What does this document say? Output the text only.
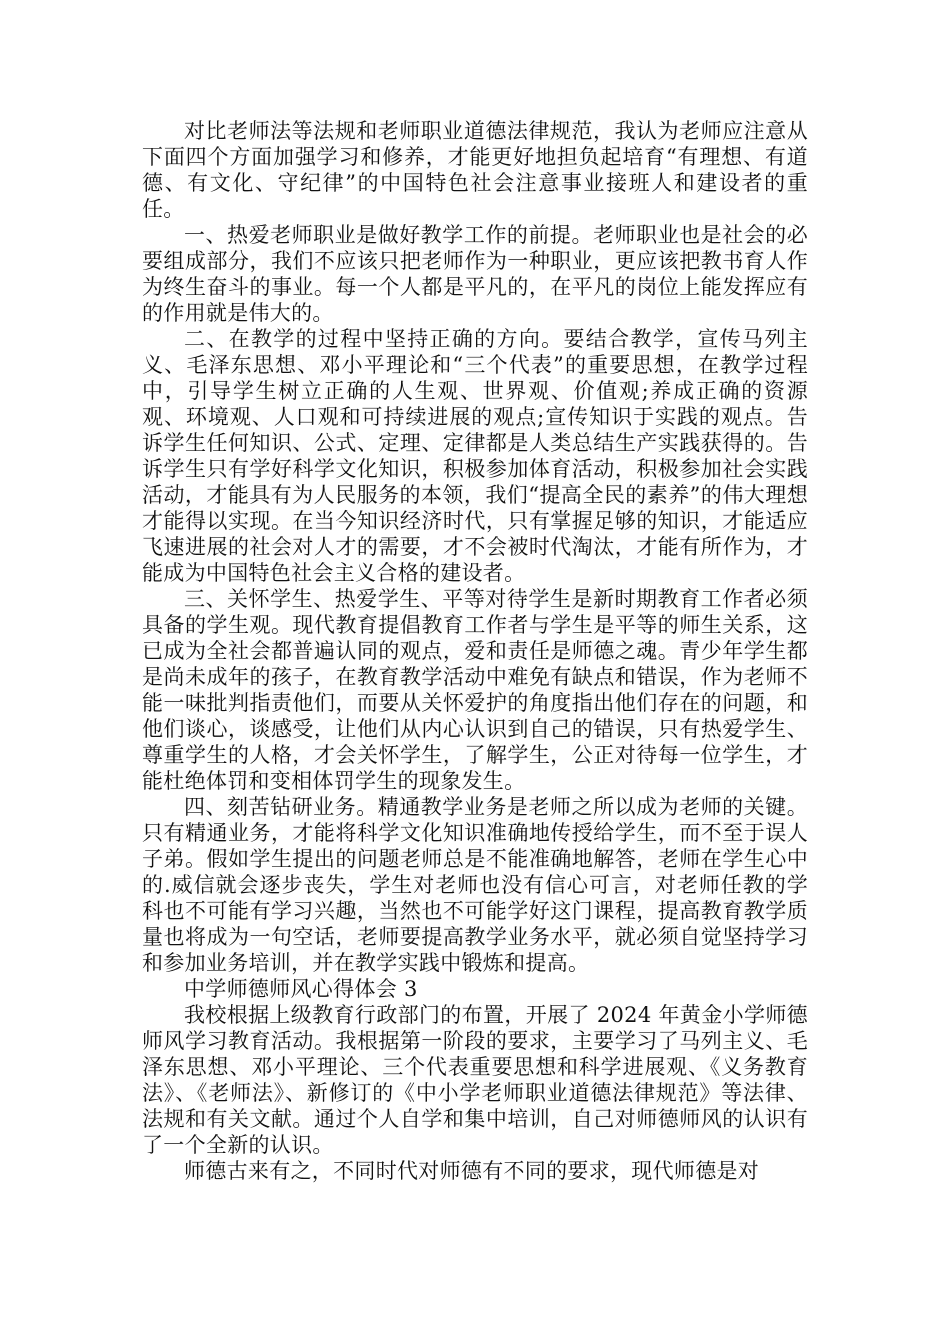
对比老师法等法规和老师职业道德法律规范，我认为老师应注意从下面四个方面加强学习和修养，才能更好地担负起培育“有理想、有道德、有文化、守纪律”的中国特色社会注意事业接班人和建设者的重任。

一、热爱老师职业是做好教学工作的前提。老师职业也是社会的必要组成部分，我们不应该只把老师作为一种职业，更应该把教书育人作为终生奋斗的事业。每一个人都是平凡的，在平凡的岗位上能发挥应有的作用就是伟大的。

二、在教学的过程中坚持正确的方向。要结合教学，宣传马列主义、毛泽东思想、邓小平理论和“三个代表”的重要思想，在教学过程中，引导学生树立正确的人生观、世界观、价值观;养成正确的资源观、环境观、人口观和可持续进展的观点;宣传知识于实践的观点。告诉学生任何知识、公式、定理、定律都是人类总结生产实践获得的。告诉学生只有学好科学文化知识，积极参加体育活动，积极参加社会实践活动，才能具有为人民服务的本领，我们“提高全民的素养”的伟大理想才能得以实现。在当今知识经济时代，只有掌握足够的知识，才能适应飞速进展的社会对人才的需要，才不会被时代淘汰，才能有所作为，才能成为中国特色社会主义合格的建设者。

三、关怀学生、热爱学生、平等对待学生是新时期教育工作者必须具备的学生观。现代教育提倡教育工作者与学生是平等的师生关系，这已成为全社会都普遍认同的观点，爱和责任是师德之魂。青少年学生都是尚未成年的孩子，在教育教学活动中难免有缺点和错误，作为老师不能一味批判指责他们，而要从关怀爱护的角度指出他们存在的问题，和他们谈心，谈感受，让他们从内心认识到自己的错误，只有热爱学生、尊重学生的人格，才会关怀学生，了解学生，公正对待每一位学生，才能杜绝体罚和变相体罚学生的现象发生。

四、刻苦钻研业务。精通教学业务是老师之所以成为老师的关键。只有精通业务，才能将科学文化知识准确地传授给学生，而不至于误人子弟。假如学生提出的问题老师总是不能准确地解答，老师在学生心中的.威信就会逐步丧失，学生对老师也没有信心可言，对老师任教的学科也不可能有学习兴趣，当然也不可能学好这门课程，提高教育教学质量也将成为一句空话，老师要提高教学业务水平，就必须自觉坚持学习和参加业务培训，并在教学实践中锻炼和提高。

中学师德师风心得体会 3

我校根据上级教育行政部门的布置，开展了 2024 年黄金小学师德师风学习教育活动。我根据第一阶段的要求，主要学习了马列主义、毛泽东思想、邓小平理论、三个代表重要思想和科学进展观、《义务教育法》、《老师法》、新修订的《中小学老师职业道德法律规范》等法律、法规和有关文献。通过个人自学和集中培训，自己对师德师风的认识有了一个全新的认识。

师德古来有之，不同时代对师德有不同的要求，现代师德是对
